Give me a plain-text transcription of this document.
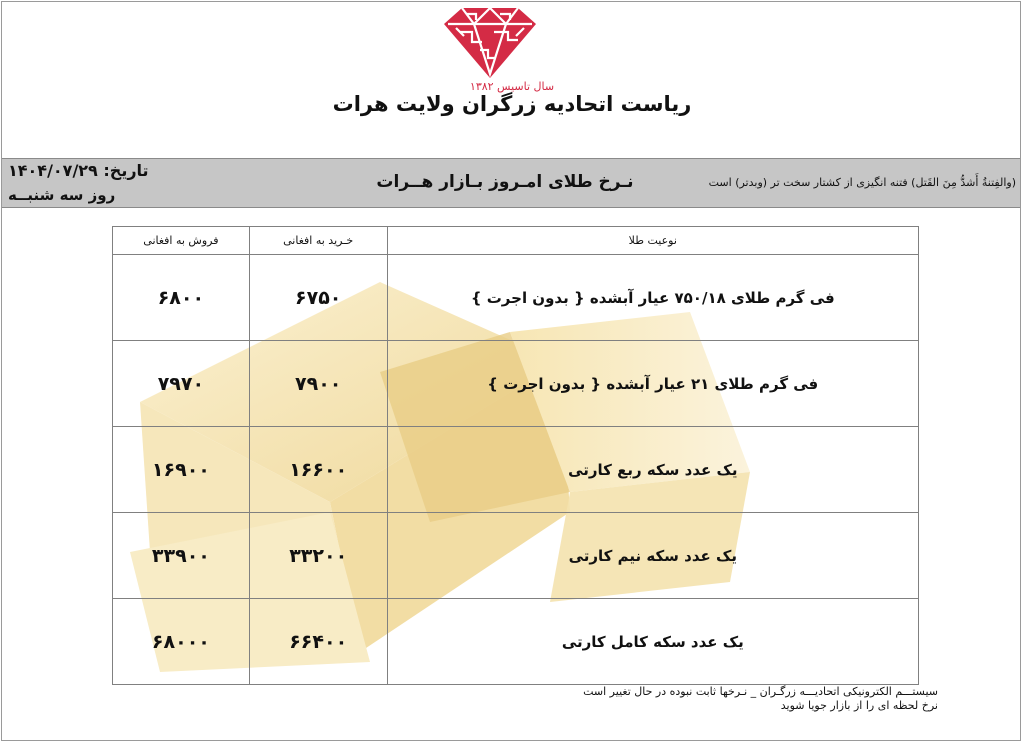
سال تاسیس ۱۳۸۲
ریاست اتحادیه زرگران ولایت هرات
تاریخ: ۱۴۰۴/۰۷/۲۹
روز سه شنبــه
نـرخ طلای امـروز بـازار هــرات	(والفِتنةُ أَشدُّ مِنَ القَتل) فتنه انگیزی از کشتار سخت تر (وبدتر) است
نوعیت طلا	خـرید به افغانی	فروش به افغانی
فی گرم طلای ۷۵۰/۱۸ عیار آبشده { بدون اجرت }	۶۷۵۰	۶۸۰۰
فی گرم طلای ۲۱ عیار آبشده { بدون اجرت }	۷۹۰۰	۷۹۷۰
یک عدد سکه ربع کارتی	۱۶۶۰۰	۱۶۹۰۰
یک عدد سکه نیم کارتی	۳۳۲۰۰	۳۳۹۰۰
یک عدد سکه کامل کارتی	۶۶۴۰۰	۶۸۰۰۰
سیستـــم الکترونیکی اتحادیـــه زرگـران _ نـرخها ثابت نبوده در حال تغییر است
نرخ لحظه ای را از بازار جویا شوید
